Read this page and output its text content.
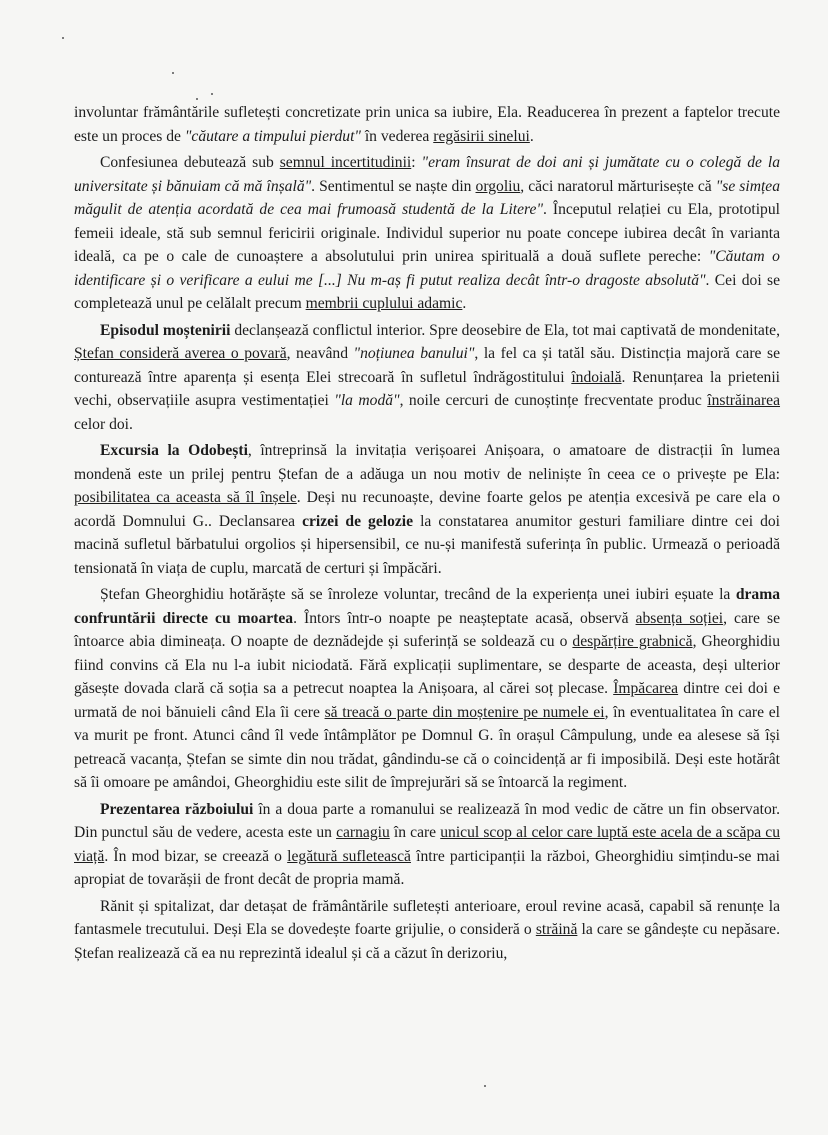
involuntar frământările sufletești concretizate prin unica sa iubire, Ela. Readucerea în prezent a faptelor trecute este un proces de "căutare a timpului pierdut" în vederea regăsirii sinelui.

Confesiunea debutează sub semnul incertitudinii: "eram însurat de doi ani și jumătate cu o colegă de la universitate și bănuiam că mă înșală". Sentimentul se naște din orgoliu, căci naratorul mărturisește că "se simțea măgulit de atenția acordată de cea mai frumoasă studentă de la Litere". Începutul relației cu Ela, prototipul femeii ideale, stă sub semnul fericirii originale. Individul superior nu poate concepe iubirea decât în varianta ideală, ca pe o cale de cunoaștere a absolutului prin unirea spirituală a două suflete pereche: "Căutam o identificare și o verificare a eului me [...] Nu m-aș fi putut realiza decât într-o dragoste absolută". Cei doi se completează unul pe celălalt precum membrii cuplului adamic.

Episodul moștenirii declanșează conflictul interior. Spre deosebire de Ela, tot mai captivată de mondenitate, Ștefan consideră averea o povară, neavând "noțiunea banului", la fel ca și tatăl său. Distincția majoră care se conturează între aparența și esența Elei strecoară în sufletul îndrăgostitului îndoială. Renunțarea la prietenii vechi, observațiile asupra vestimentației "la modă", noile cercuri de cunoștințe frecventate produc înstrăinarea celor doi.

Excursia la Odobești, întreprinsă la invitația verișoarei Anișoara, o amatoare de distracții în lumea mondenă este un prilej pentru Ștefan de a adăuga un nou motiv de neliniște în ceea ce o privește pe Ela: posibilitatea ca aceasta să îl înșele. Deși nu recunoaște, devine foarte gelos pe atenția excesivă pe care ela o acordă Domnului G.. Declansarea crizei de gelozie la constatarea anumitor gesturi familiare dintre cei doi macină sufletul bărbatului orgolios și hipersensibil, ce nu-și manifestă suferința în public. Urmează o perioadă tensionată în viața de cuplu, marcată de certuri și împăcări.

Ștefan Gheorghidiu hotărăște să se înroleze voluntar, trecând de la experiența unei iubiri eșuate la drama confruntării directe cu moartea. Întors într-o noapte pe neașteptate acasă, observă absența soției, care se întoarce abia dimineața. O noapte de deznădejde și suferință se soldează cu o despărțire grabnică, Gheorghidiu fiind convins că Ela nu l-a iubit niciodată. Fără explicații suplimentare, se desparte de aceasta, deși ulterior găsește dovada clară că soția sa a petrecut noaptea la Anișoara, al cărei soț plecase. Împăcarea dintre cei doi e urmată de noi bănuieli când Ela îi cere să treacă o parte din moștenire pe numele ei, în eventualitatea în care el va murit pe front. Atunci când îl vede întâmplător pe Domnul G. în orașul Câmpulung, unde ea alesese să își petreacă vacanța, Ștefan se simte din nou trădat, gândindu-se că o coincidență ar fi imposibilă. Deși este hotărât să îi omoare pe amândoi, Gheorghidiu este silit de împrejurări să se întoarcă la regiment.

Prezentarea războiului în a doua parte a romanului se realizează în mod vedic de către un fin observator. Din punctul său de vedere, acesta este un carnagiu în care unicul scop al celor care luptă este acela de a scăpa cu viață. În mod bizar, se creează o legătură sufletească între participanții la război, Gheorghidiu simțindu-se mai apropiat de tovarășii de front decât de propria mamă.

Rănit și spitalizat, dar detașat de frământările sufletești anterioare, eroul revine acasă, capabil să renunțe la fantasmele trecutului. Deși Ela se dovedește foarte grijulie, o consideră o străină la care se gândește cu nepăsare. Ștefan realizează că ea nu reprezintă idealul și că a căzut în derizoriu,
